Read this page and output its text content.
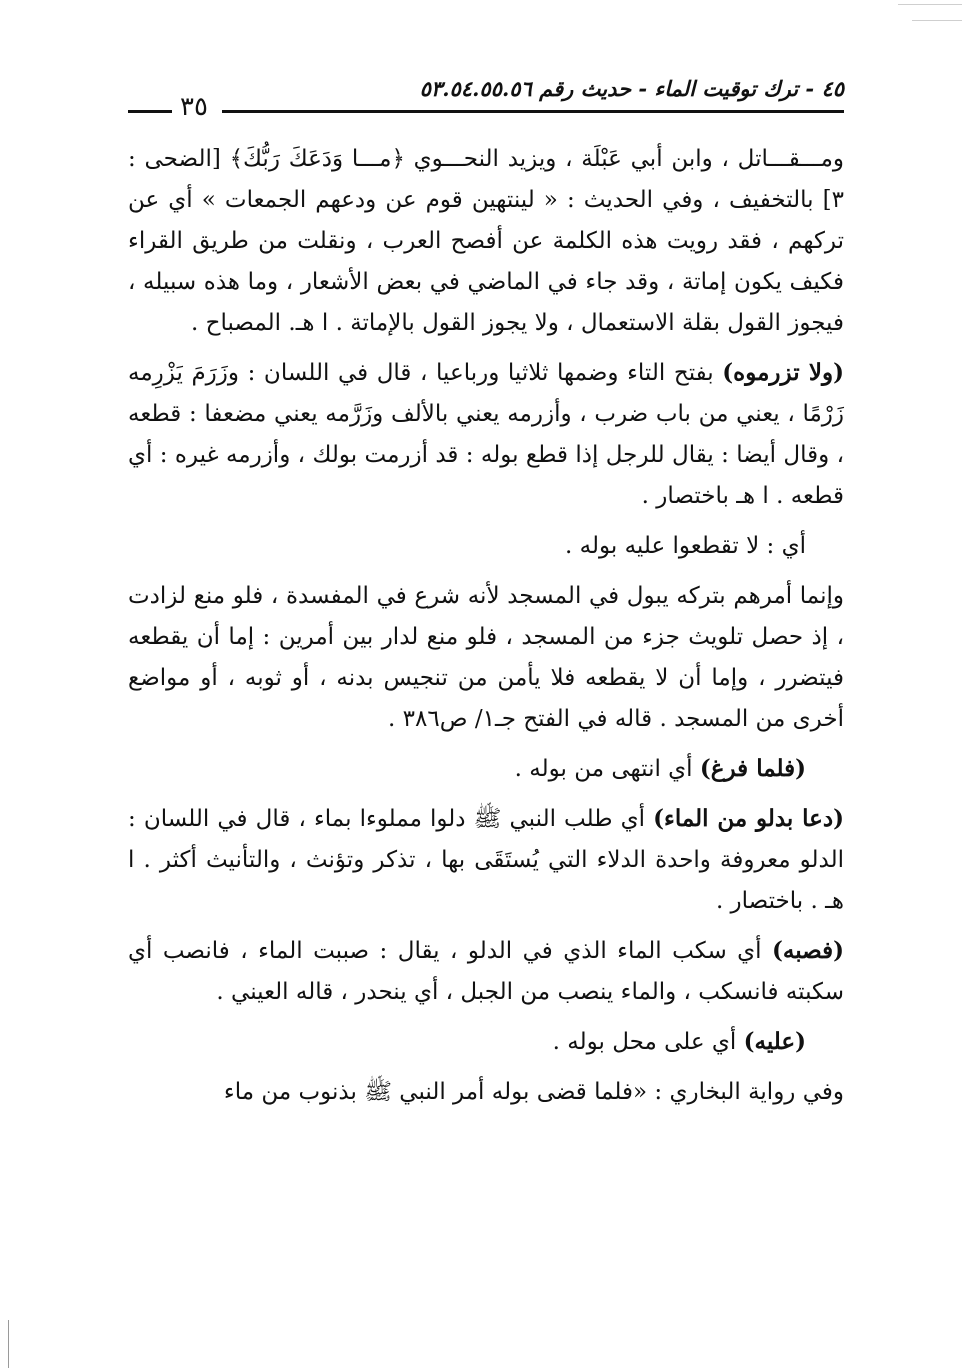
٤٥ - ترك توقيت الماء - حديث رقم ٥٣.٥٤.٥٥.٥٦
٣٥

ومـــقـــاتل ، وابن أبي عَبْلَة ، ويزيد النحـــوي ﴿مـــا وَدَعَكَ رَبُّكَ﴾ [الضحى : ٣] بالتخفيف ، وفي الحديث : « لينتهين قوم عن ودعهم الجمعات » أي عن تركهم ، فقد رويت هذه الكلمة عن أفصح العرب ، ونقلت من طريق القراء فكيف يكون إماتة ، وقد جاء في الماضي في بعض الأشعار ، وما هذه سبيله ، فيجوز القول بقلة الاستعمال ، ولا يجوز القول بالإماتة . ا هـ. المصباح .

(ولا تزرموه) بفتح التاء وضمها ثلاثيا ورباعيا ، قال في اللسان : وزَرَمَ يَزْرِمه زَرْمًا ، يعني من باب ضرب ، وأزرمه يعني بالألف وزَرَّمه يعني مضعفا : قطعه ، وقال أيضا : يقال للرجل إذا قطع بوله : قد أزرمت بولك ، وأزرمه غيره : أي قطعه . ا هـ باختصار .

أي : لا تقطعوا عليه بوله .

وإنما أمرهم بتركه يبول في المسجد لأنه شرع في المفسدة ، فلو منع لزادت ، إذ حصل تلويث جزء من المسجد ، فلو منع لدار بين أمرين : إما أن يقطعه فيتضرر ، وإما أن لا يقطعه فلا يأمن من تنجيس بدنه ، أو ثوبه ، أو مواضع أخرى من المسجد . قاله في الفتح جـ١/ ص٣٨٦ .

(فلما فرغ) أي انتهى من بوله .

(دعا بدلو من الماء) أي طلب النبي ﷺ دلوا مملوءا بماء ، قال في اللسان : الدلو معروفة واحدة الدلاء التي يُستَقَى بها ، تذكر وتؤنث ، والتأنيث أكثر . ا هـ . باختصار .

(فصبه) أي سكب الماء الذي في الدلو ، يقال : صببت الماء ، فانصب أي سكبته فانسكب ، والماء ينصب من الجبل ، أي ينحدر ، قاله العيني .

(عليه) أي على محل بوله .

وفي رواية البخاري : «فلما قضى بوله أمر النبي ﷺ بذنوب من ماء
